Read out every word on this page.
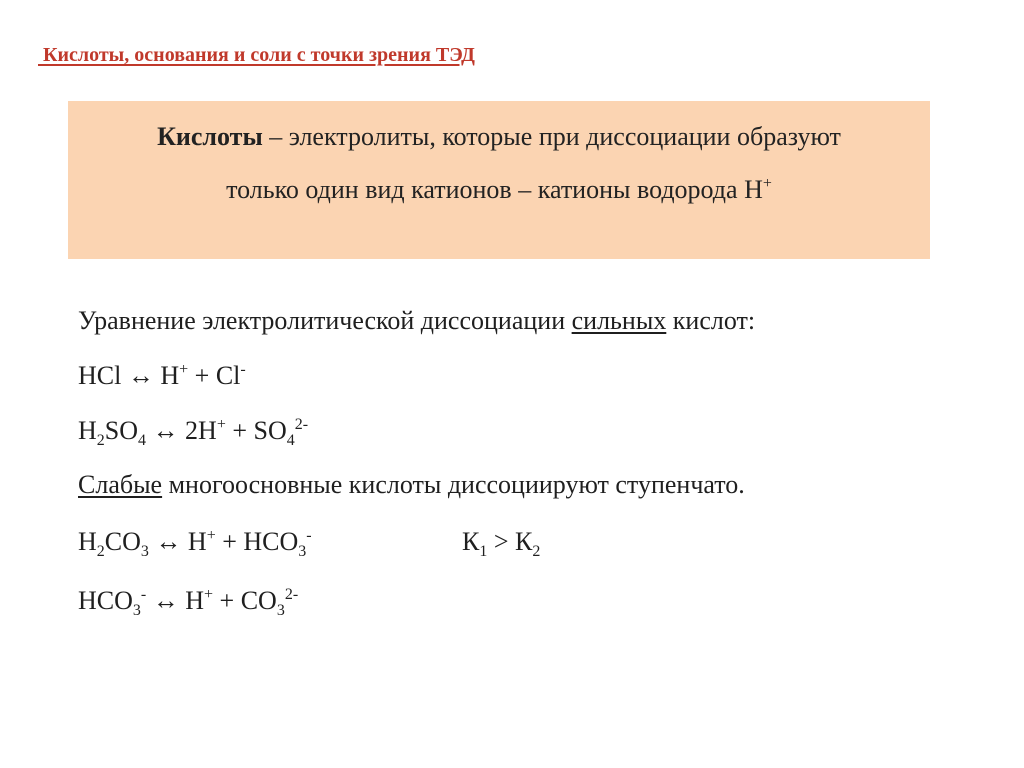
Кислоты, основания и соли с точки зрения ТЭД
Кислоты – электролиты, которые при диссоциации образуют
только один вид катионов – катионы водорода Н+
Уравнение электролитической диссоциации сильных кислот:
HCl ↔ H+ + Cl-
$H_2SO_4$ ↔ $2H^+ + SO_4^{2-}$
Слабые многоосновные кислоты диссоциируют ступенчато.
$H_2CO_3$ ↔ $H^+ + HCO_3^-$	$К_1 > К_2$
$HCO_3^-$ ↔ $H^+ + CO_3^{2-}$
